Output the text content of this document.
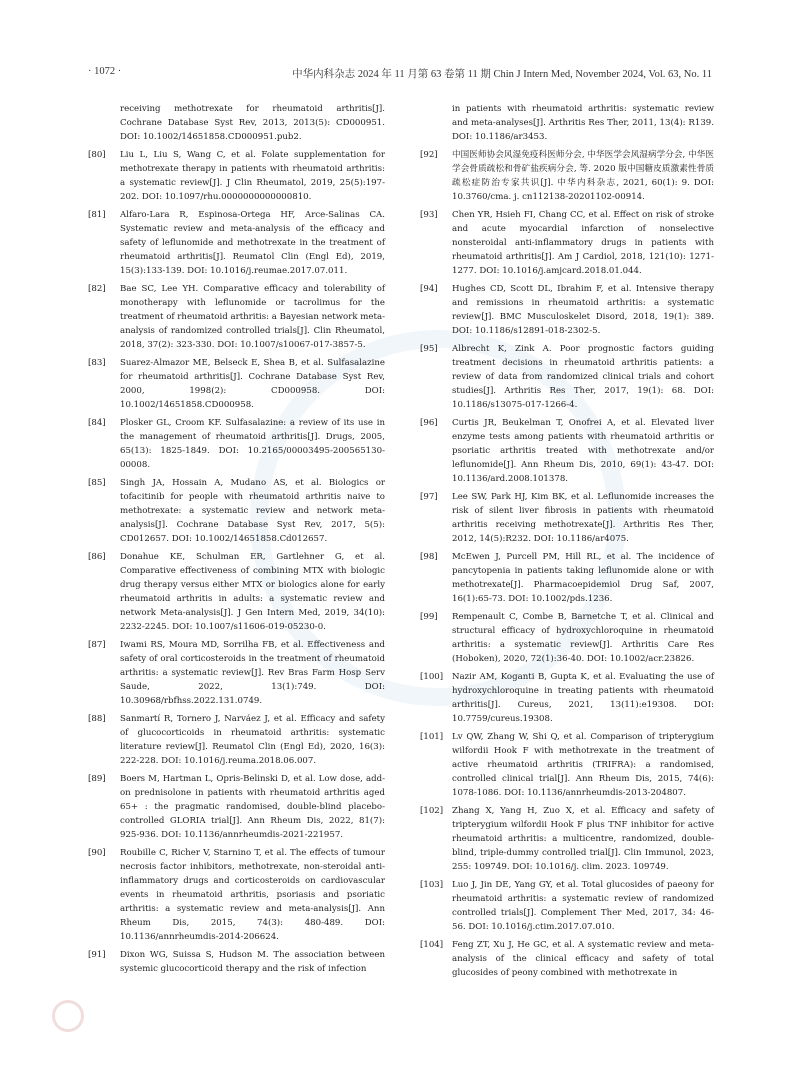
· 1072 ·	中华内科杂志 2024 年 11 月第 63 卷第 11 期 Chin J Intern Med, November 2024, Vol. 63, No. 11
receiving methotrexate for rheumatoid arthritis[J]. Cochrane Database Syst Rev, 2013, 2013(5): CD000951. DOI: 10.1002/14651858.CD000951.pub2.
[80] Liu L, Liu S, Wang C, et al. Folate supplementation for methotrexate therapy in patients with rheumatoid arthritis: a systematic review[J]. J Clin Rheumatol, 2019, 25(5):197-202. DOI: 10.1097/rhu.0000000000000810.
[81] Alfaro-Lara R, Espinosa-Ortega HF, Arce-Salinas CA. Systematic review and meta-analysis of the efficacy and safety of leflunomide and methotrexate in the treatment of rheumatoid arthritis[J]. Reumatol Clin (Engl Ed), 2019, 15(3):133-139. DOI: 10.1016/j.reumae.2017.07.011.
[82] Bae SC, Lee YH. Comparative efficacy and tolerability of monotherapy with leflunomide or tacrolimus for the treatment of rheumatoid arthritis: a Bayesian network meta-analysis of randomized controlled trials[J]. Clin Rheumatol, 2018, 37(2): 323-330. DOI: 10.1007/s10067-017-3857-5.
[83] Suarez-Almazor ME, Belseck E, Shea B, et al. Sulfasalazine for rheumatoid arthritis[J]. Cochrane Database Syst Rev, 2000, 1998(2): CD000958. DOI: 10.1002/14651858.CD000958.
[84] Plosker GL, Croom KF. Sulfasalazine: a review of its use in the management of rheumatoid arthritis[J]. Drugs, 2005, 65(13): 1825-1849. DOI: 10.2165/00003495-200565130-00008.
[85] Singh JA, Hossain A, Mudano AS, et al. Biologics or tofacitinib for people with rheumatoid arthritis naive to methotrexate: a systematic review and network meta-analysis[J]. Cochrane Database Syst Rev, 2017, 5(5): CD012657. DOI: 10.1002/14651858.Cd012657.
[86] Donahue KE, Schulman ER, Gartlehner G, et al. Comparative effectiveness of combining MTX with biologic drug therapy versus either MTX or biologics alone for early rheumatoid arthritis in adults: a systematic review and network Meta-analysis[J]. J Gen Intern Med, 2019, 34(10): 2232-2245. DOI: 10.1007/s11606-019-05230-0.
[87] Iwami RS, Moura MD, Sorrilha FB, et al. Effectiveness and safety of oral corticosteroids in the treatment of rheumatoid arthritis: a systematic review[J]. Rev Bras Farm Hosp Serv Saude, 2022, 13(1):749. DOI: 10.30968/rbfhss.2022.131.0749.
[88] Sanmartí R, Tornero J, Narváez J, et al. Efficacy and safety of glucocorticoids in rheumatoid arthritis: systematic literature review[J]. Reumatol Clin (Engl Ed), 2020, 16(3): 222-228. DOI: 10.1016/j.reuma.2018.06.007.
[89] Boers M, Hartman L, Opris-Belinski D, et al. Low dose, add-on prednisolone in patients with rheumatoid arthritis aged 65+ : the pragmatic randomised, double-blind placebo-controlled GLORIA trial[J]. Ann Rheum Dis, 2022, 81(7): 925-936. DOI: 10.1136/annrheumdis-2021-221957.
[90] Roubille C, Richer V, Starnino T, et al. The effects of tumour necrosis factor inhibitors, methotrexate, non-steroidal anti-inflammatory drugs and corticosteroids on cardiovascular events in rheumatoid arthritis, psoriasis and psoriatic arthritis: a systematic review and meta-analysis[J]. Ann Rheum Dis, 2015, 74(3): 480-489. DOI: 10.1136/annrheumdis-2014-206624.
[91] Dixon WG, Suissa S, Hudson M. The association between systemic glucocorticoid therapy and the risk of infection
in patients with rheumatoid arthritis: systematic review and meta-analyses[J]. Arthritis Res Ther, 2011, 13(4): R139. DOI: 10.1186/ar3453.
[92] 中国医师协会风湿免疫科医师分会, 中华医学会风湿病学分会, 中华医学会骨质疏松和骨矿盐疾病分会, 等. 2020 版中国糖皮质激素性骨质疏松症防治专家共识[J]. 中华内科杂志, 2021, 60(1): 9. DOI: 10.3760/cma. j. cn112138-20201102-00914.
[93] Chen YR, Hsieh FI, Chang CC, et al. Effect on risk of stroke and acute myocardial infarction of nonselective nonsteroidal anti-inflammatory drugs in patients with rheumatoid arthritis[J]. Am J Cardiol, 2018, 121(10): 1271-1277. DOI: 10.1016/j.amjcard.2018.01.044.
[94] Hughes CD, Scott DL, Ibrahim F, et al. Intensive therapy and remissions in rheumatoid arthritis: a systematic review[J]. BMC Musculoskelet Disord, 2018, 19(1): 389. DOI: 10.1186/s12891-018-2302-5.
[95] Albrecht K, Zink A. Poor prognostic factors guiding treatment decisions in rheumatoid arthritis patients: a review of data from randomized clinical trials and cohort studies[J]. Arthritis Res Ther, 2017, 19(1): 68. DOI: 10.1186/s13075-017-1266-4.
[96] Curtis JR, Beukelman T, Onofrei A, et al. Elevated liver enzyme tests among patients with rheumatoid arthritis or psoriatic arthritis treated with methotrexate and/or leflunomide[J]. Ann Rheum Dis, 2010, 69(1): 43-47. DOI: 10.1136/ard.2008.101378.
[97] Lee SW, Park HJ, Kim BK, et al. Leflunomide increases the risk of silent liver fibrosis in patients with rheumatoid arthritis receiving methotrexate[J]. Arthritis Res Ther, 2012, 14(5):R232. DOI: 10.1186/ar4075.
[98] McEwen J, Purcell PM, Hill RL, et al. The incidence of pancytopenia in patients taking leflunomide alone or with methotrexate[J]. Pharmacoepidemiol Drug Saf, 2007, 16(1):65-73. DOI: 10.1002/pds.1236.
[99] Rempenault C, Combe B, Barnetche T, et al. Clinical and structural efficacy of hydroxychloroquine in rheumatoid arthritis: a systematic review[J]. Arthritis Care Res (Hoboken), 2020, 72(1):36-40. DOI: 10.1002/acr.23826.
[100] Nazir AM, Koganti B, Gupta K, et al. Evaluating the use of hydroxychloroquine in treating patients with rheumatoid arthritis[J]. Cureus, 2021, 13(11):e19308. DOI: 10.7759/cureus.19308.
[101] Lv QW, Zhang W, Shi Q, et al. Comparison of tripterygium wilfordii Hook F with methotrexate in the treatment of active rheumatoid arthritis (TRIFRA): a randomised, controlled clinical trial[J]. Ann Rheum Dis, 2015, 74(6): 1078-1086. DOI: 10.1136/annrheumdis-2013-204807.
[102] Zhang X, Yang H, Zuo X, et al. Efficacy and safety of tripterygium wilfordii Hook F plus TNF inhibitor for active rheumatoid arthritis: a multicentre, randomized, double-blind, triple-dummy controlled trial[J]. Clin Immunol, 2023, 255: 109749. DOI: 10.1016/j. clim. 2023. 109749.
[103] Luo J, Jin DE, Yang GY, et al. Total glucosides of paeony for rheumatoid arthritis: a systematic review of randomized controlled trials[J]. Complement Ther Med, 2017, 34: 46-56. DOI: 10.1016/j.ctim.2017.07.010.
[104] Feng ZT, Xu J, He GC, et al. A systematic review and meta-analysis of the clinical efficacy and safety of total glucosides of peony combined with methotrexate in
